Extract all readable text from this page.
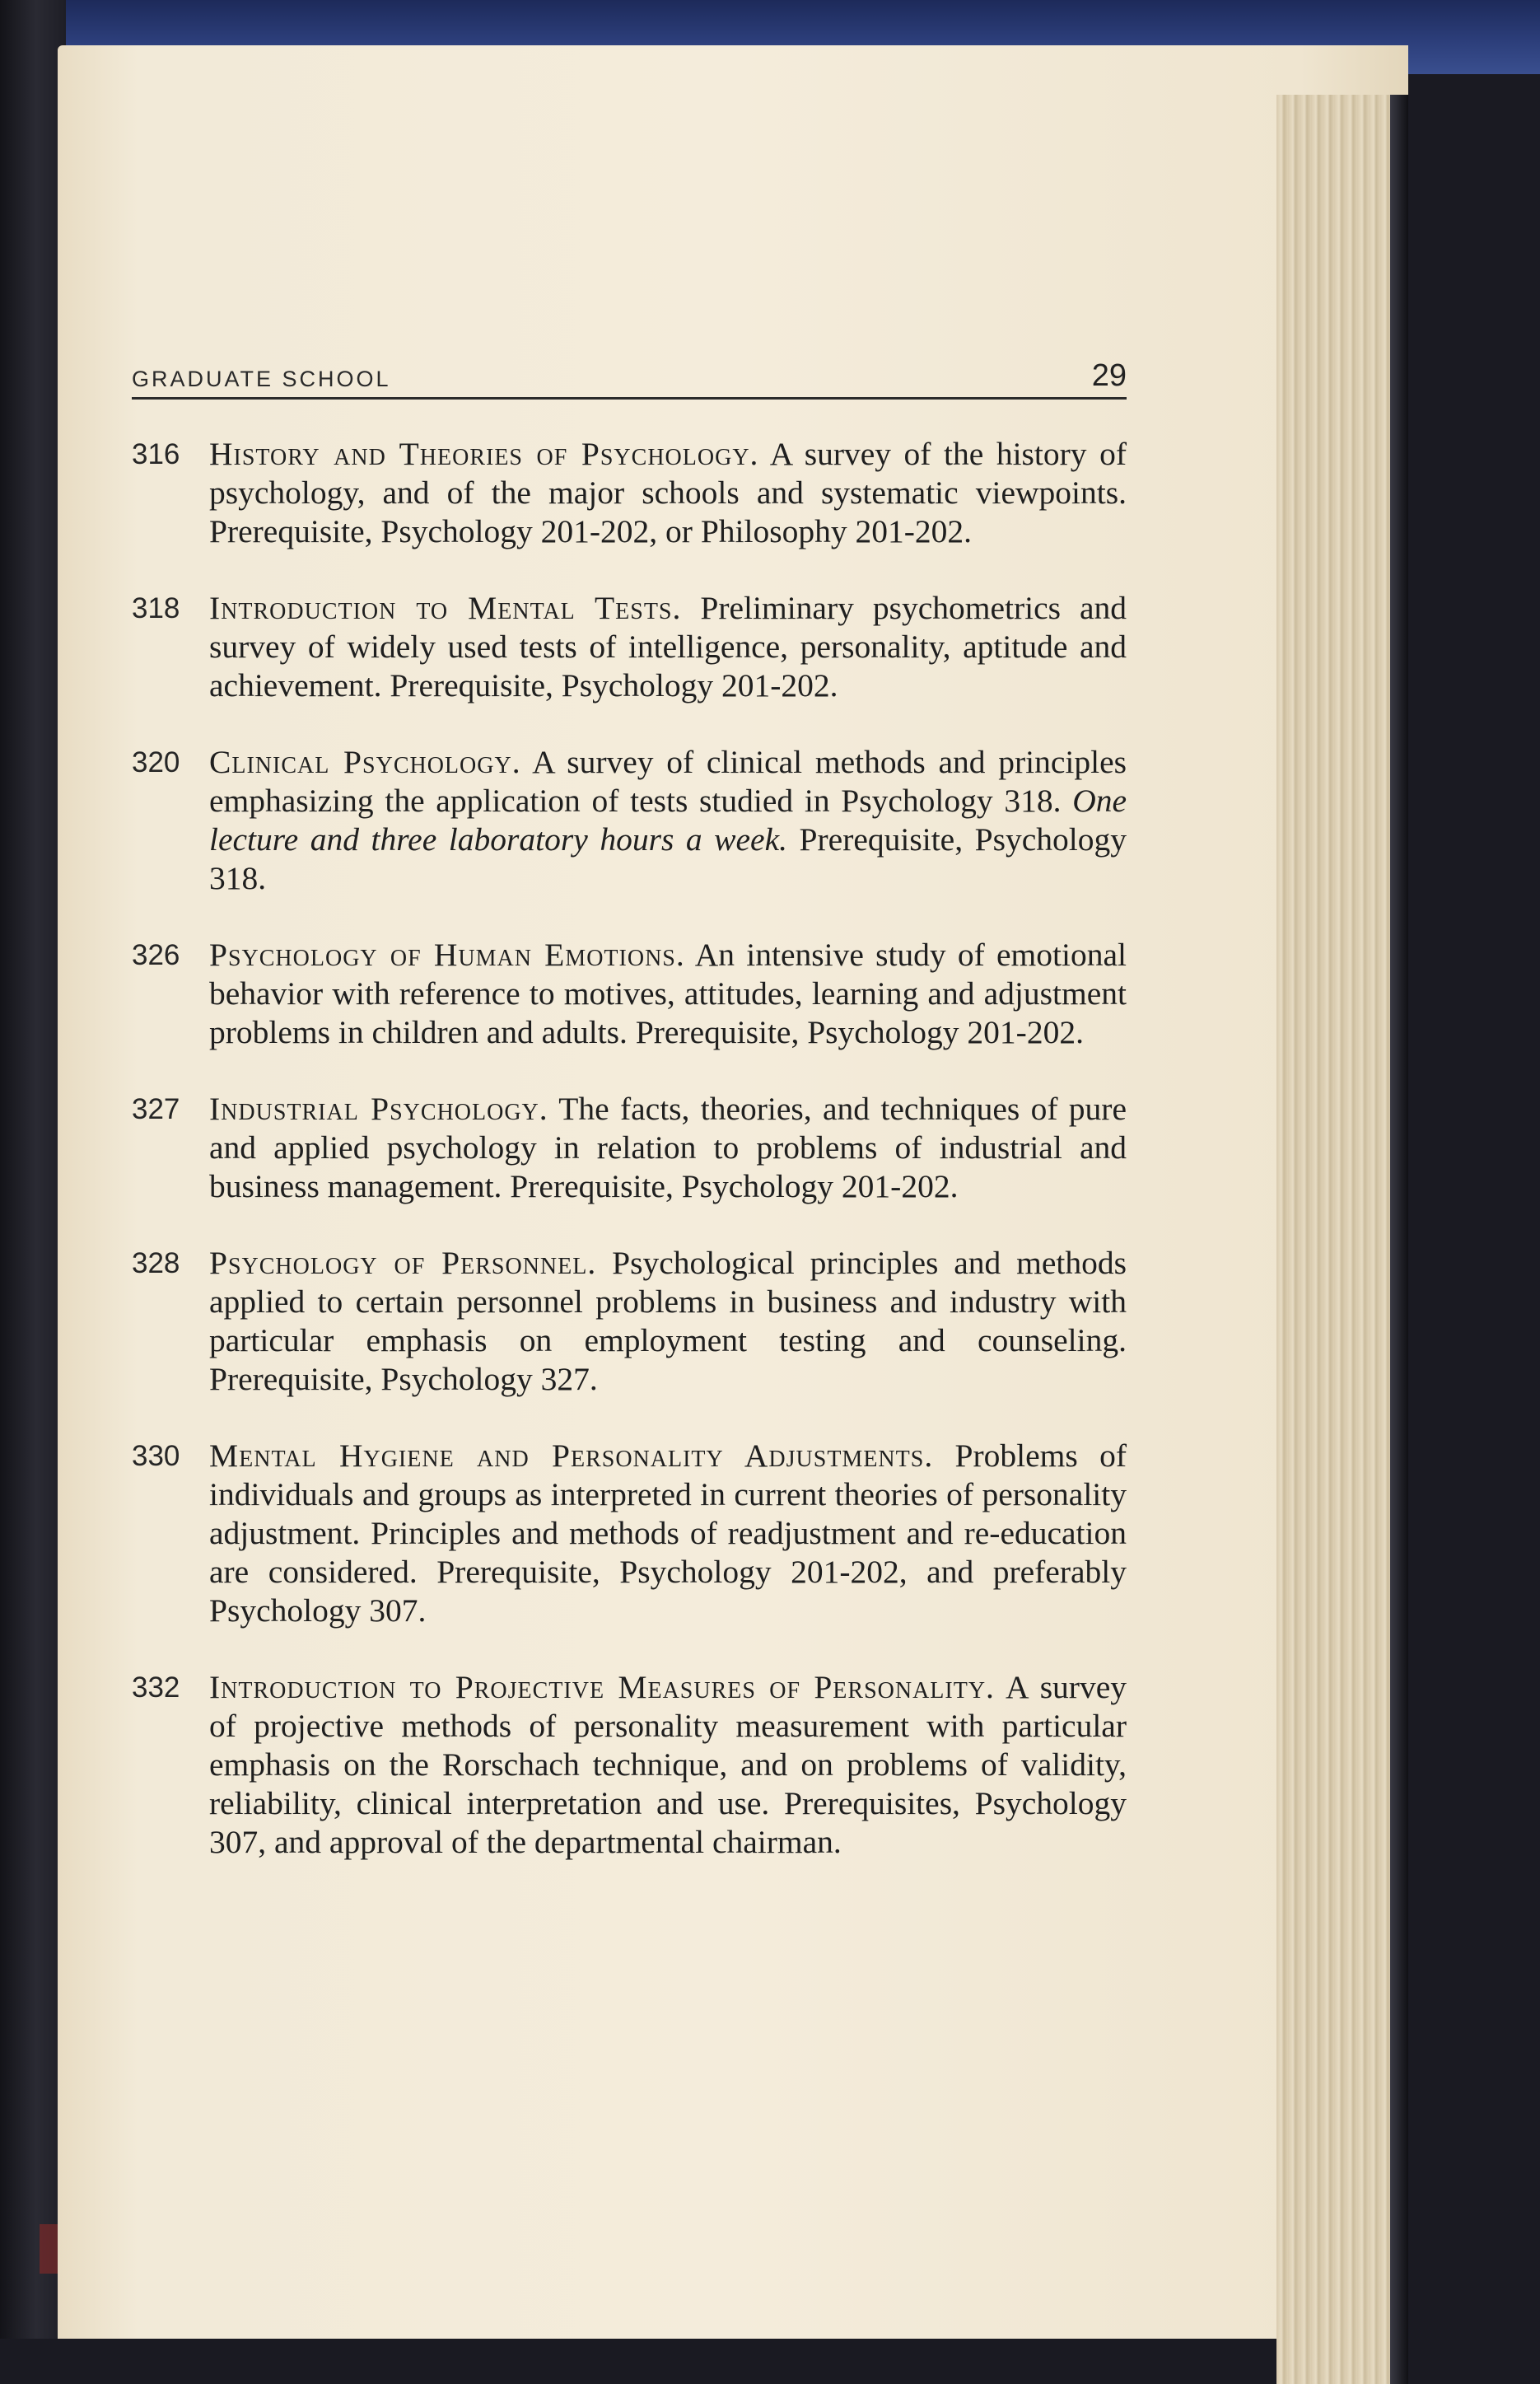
GRADUATE SCHOOL	29
316 History and Theories of Psychology. A survey of the history of psychology, and of the major schools and systematic viewpoints. Prerequisite, Psychology 201-202, or Philosophy 201-202.
318 Introduction to Mental Tests. Preliminary psychometrics and survey of widely used tests of intelligence, personality, aptitude and achievement. Prerequisite, Psychology 201-202.
320 Clinical Psychology. A survey of clinical methods and principles emphasizing the application of tests studied in Psychology 318. One lecture and three laboratory hours a week. Prerequisite, Psychology 318.
326 Psychology of Human Emotions. An intensive study of emotional behavior with reference to motives, attitudes, learning and adjustment problems in children and adults. Prerequisite, Psychology 201-202.
327 Industrial Psychology. The facts, theories, and techniques of pure and applied psychology in relation to problems of industrial and business management. Prerequisite, Psychology 201-202.
328 Psychology of Personnel. Psychological principles and methods applied to certain personnel problems in business and industry with particular emphasis on employment testing and counseling. Prerequisite, Psychology 327.
330 Mental Hygiene and Personality Adjustments. Problems of individuals and groups as interpreted in current theories of personality adjustment. Principles and methods of readjustment and re-education are considered. Prerequisite, Psychology 201-202, and preferably Psychology 307.
332 Introduction to Projective Measures of Personality. A survey of projective methods of personality measurement with particular emphasis on the Rorschach technique, and on problems of validity, reliability, clinical interpretation and use. Prerequisites, Psychology 307, and approval of the departmental chairman.
